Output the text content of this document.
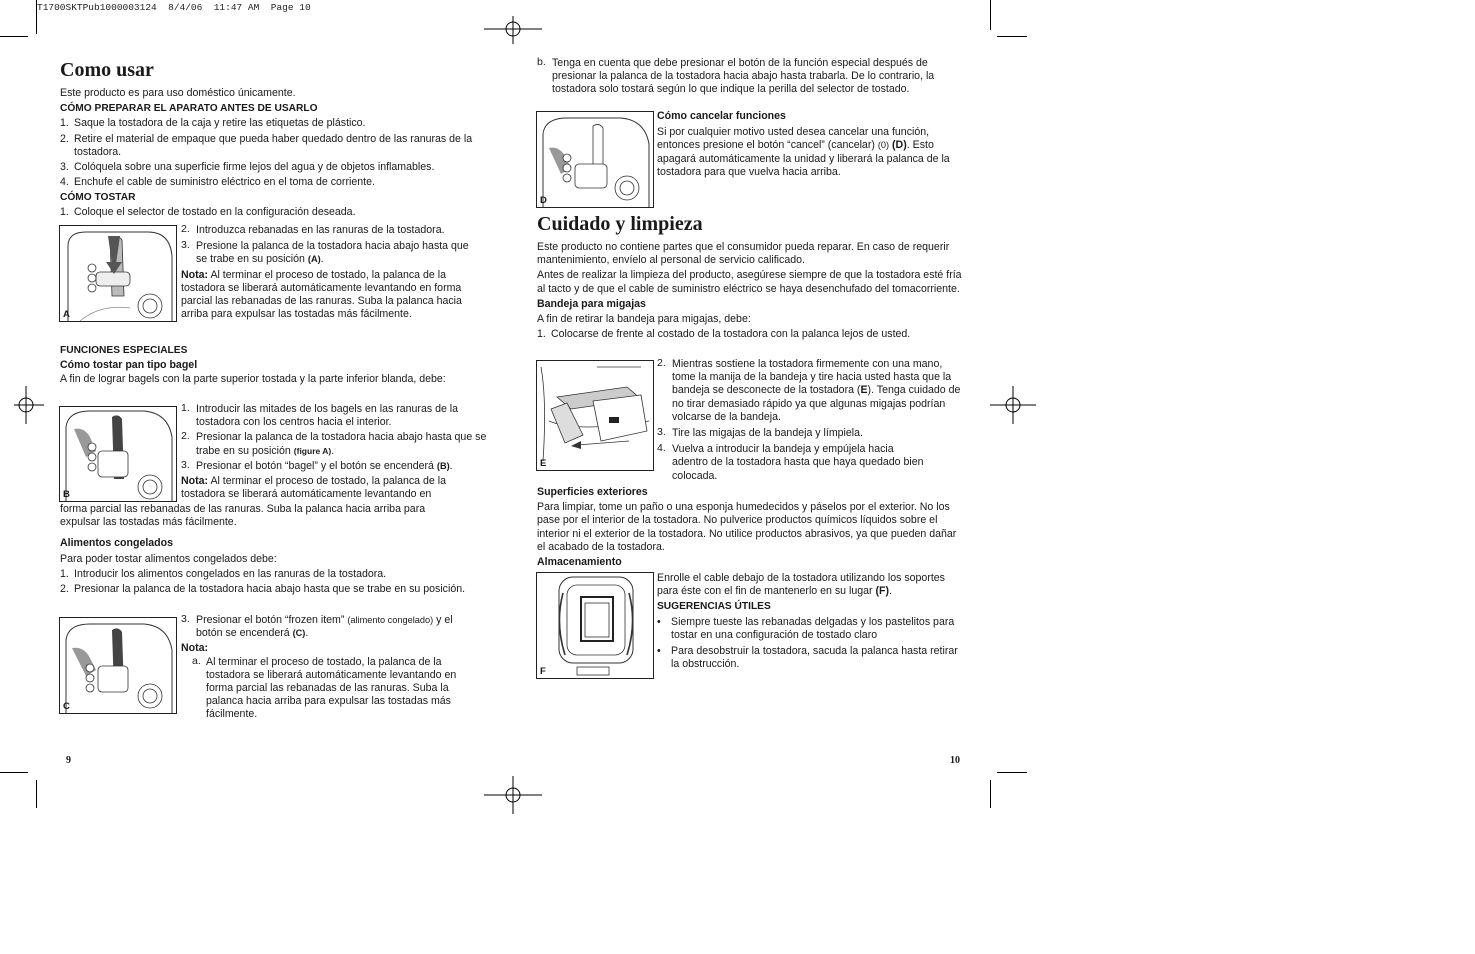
T1700SKTPub1000003124  8/4/06  11:47 AM  Page 10
Como usar

Este producto es para uso doméstico únicamente.

CÓMO PREPARAR EL APARATO ANTES DE USARLO

1. Saque la tostadora de la caja y retire las etiquetas de plástico.
2. Retire el material de empaque que pueda haber quedado dentro de las ranuras de la tostadora.
3. Colóquela sobre una superficie firme lejos del agua y de objetos inflamables.
4. Enchufe el cable de suministro eléctrico en el toma de corriente.

CÓMO TOSTAR

1. Coloque el selector de tostado en la configuración deseada.
A
2. Introduzca rebanadas en las ranuras de la tostadora.
3. Presione la palanca de la tostadora hacia abajo hasta que se trabe en su posición (A).

Nota: Al terminar el proceso de tostado, la palanca de la tostadora se liberará automáticamente levantando en forma parcial las rebanadas de las ranuras. Suba la palanca hacia arriba para expulsar las tostadas más fácilmente.

FUNCIONES ESPECIALES

Cómo tostar pan tipo bagel

A fin de lograr bagels con la parte superior tostada y la parte inferior blanda, debe:

B
1. Introducir las mitades de los bagels en las ranuras de la tostadora con los centros hacia el interior.
2. Presionar la palanca de la tostadora hacia abajo hasta que se trabe en su posición (figure A).
3. Presionar el botón “bagel” y el botón se encenderá (B).

Nota: Al terminar el proceso de tostado, la palanca de la tostadora se liberará automáticamente levantando en

forma parcial las rebanadas de las ranuras. Suba la palanca hacia arriba para expulsar las tostadas más fácilmente.

Alimentos congelados

Para poder tostar alimentos congelados debe:

1. Introducir los alimentos congelados en las ranuras de la tostadora.
2. Presionar la palanca de la tostadora hacia abajo hasta que se trabe en su posición.
C
3. Presionar el botón “frozen item” (alimento congelado) y el botón se encenderá (C).

Nota:

a. Al terminar el proceso de tostado, la palanca de la tostadora se liberará automáticamente levantando en forma parcial las rebanadas de las ranuras. Suba la palanca hacia arriba para expulsar las tostadas más fácilmente.
9
b. Tenga en cuenta que debe presionar el botón de la función especial después de presionar la palanca de la tostadora hacia abajo hasta trabarla. De lo contrario, la tostadora solo tostará según lo que indique la perilla del selector de tostado.
D

Cómo cancelar funciones

Si por cualquier motivo usted desea cancelar una función, entonces presione el botón “cancel” (cancelar) (0) (D). Esto apagará automáticamente la unidad y liberará la palanca de la tostadora para que vuelva hacia arriba.

Cuidado y limpieza

Este producto no contiene partes que el consumidor pueda reparar. En caso de requerir mantenimiento, envíelo al personal de servicio calificado.

Antes de realizar la limpieza del producto, asegúrese siempre de que la tostadora esté fría al tacto y de que el cable de suministro eléctrico se haya desenchufado del tomacorriente.

Bandeja para migajas

A fin de retirar la bandeja para migajas, debe:

1. Colocarse de frente al costado de la tostadora con la palanca lejos de usted.
E
2. Mientras sostiene la tostadora firmemente con una mano, tome la manija de la bandeja y tire hacia usted hasta que la bandeja se desconecte de la tostadora (E). Tenga cuidado de no tirar demasiado rápido ya que algunas migajas podrían volcarse de la bandeja.
3. Tire las migajas de la bandeja y límpiela.
4. Vuelva a introducir la bandeja y empújela hacia adentro de la tostadora hasta que haya quedado bien colocada.

Superficies exteriores

Para limpiar, tome un paño o una esponja humedecidos y páselos por el exterior. No los pase por el interior de la tostadora. No pulverice productos químicos líquidos sobre el interior ni el exterior de la tostadora. No utilice productos abrasivos, ya que pueden dañar el acabado de la tostadora.

Almacenamiento

F

Enrolle el cable debajo de la tostadora utilizando los soportes para éste con el fin de mantenerlo en su lugar (F).

SUGERENCIAS ÚTILES

• Siempre tueste las rebanadas delgadas y los pastelitos para tostar en una configuración de tostado claro
• Para desobstruir la tostadora, sacuda la palanca hasta retirar la obstrucción.
10
